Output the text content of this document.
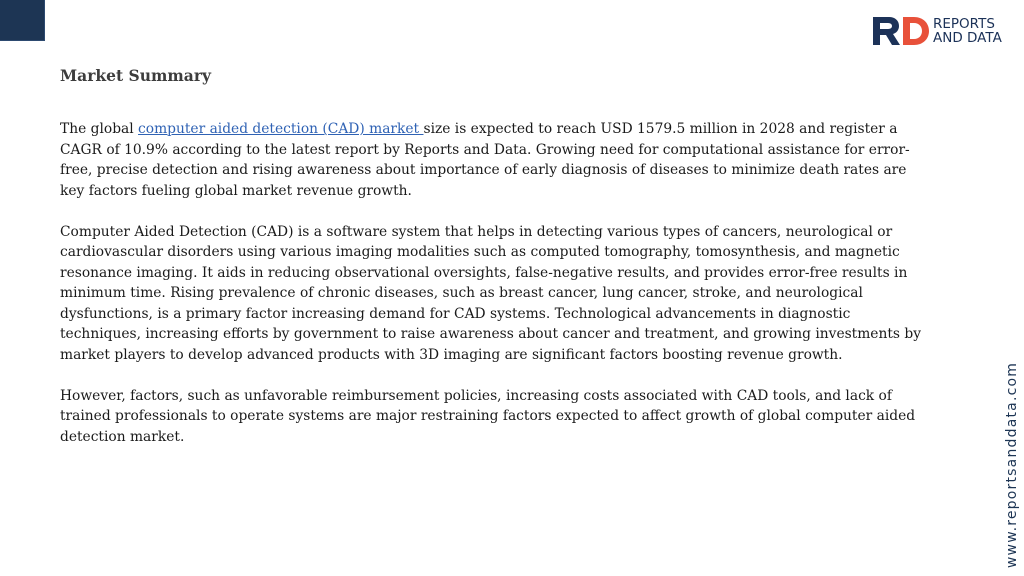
REPORTS
AND DATA
Market Summary

The global computer aided detection (CAD) market size is expected to reach USD 1579.5 million in 2028 and register a CAGR of 10.9% according to the latest report by Reports and Data. Growing need for computational assistance for error-free, precise detection and rising awareness about importance of early diagnosis of diseases to minimize death rates are key factors fueling global market revenue growth.

Computer Aided Detection (CAD) is a software system that helps in detecting various types of cancers, neurological or cardiovascular disorders using various imaging modalities such as computed tomography, tomosynthesis, and magnetic resonance imaging. It aids in reducing observational oversights, false-negative results, and provides error-free results in minimum time. Rising prevalence of chronic diseases, such as breast cancer, lung cancer, stroke, and neurological dysfunctions, is a primary factor increasing demand for CAD systems. Technological advancements in diagnostic techniques, increasing efforts by government to raise awareness about cancer and treatment, and growing investments by market players to develop advanced products with 3D imaging are significant factors boosting revenue growth.

However, factors, such as unfavorable reimbursement policies, increasing costs associated with CAD tools, and lack of trained professionals to operate systems are major restraining factors expected to affect growth of global computer aided detection market.	www.reportsanddata.com
